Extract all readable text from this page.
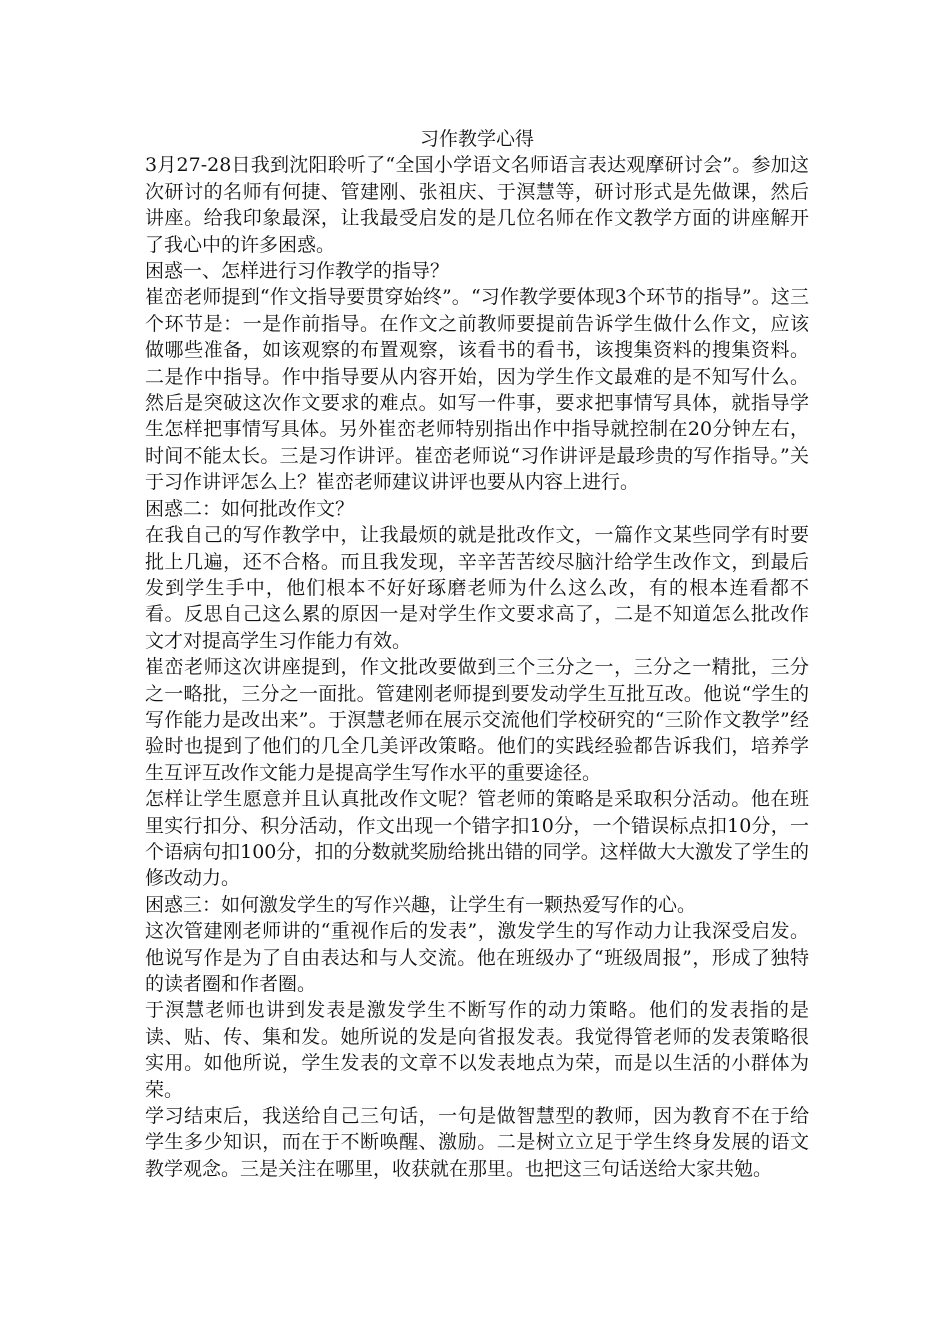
习作教学心得

3月27-28日我到沈阳聆听了“全国小学语文名师语言表达观摩研讨会”。参加这次研讨的名师有何捷、管建刚、张祖庆、于溟慧等，研讨形式是先做课，然后讲座。给我印象最深，让我最受启发的是几位名师在作文教学方面的讲座解开了我心中的许多困惑。

困惑一、怎样进行习作教学的指导？

崔峦老师提到“作文指导要贯穿始终”。“习作教学要体现3个环节的指导”。这三个环节是：一是作前指导。在作文之前教师要提前告诉学生做什么作文，应该做哪些准备，如该观察的布置观察，该看书的看书，该搜集资料的搜集资料。二是作中指导。作中指导要从内容开始，因为学生作文最难的是不知写什么。然后是突破这次作文要求的难点。如写一件事，要求把事情写具体，就指导学生怎样把事情写具体。另外崔峦老师特别指出作中指导就控制在20分钟左右，时间不能太长。三是习作讲评。崔峦老师说“习作讲评是最珍贵的写作指导。”关于习作讲评怎么上？崔峦老师建议讲评也要从内容上进行。

困惑二：如何批改作文？

在我自己的写作教学中，让我最烦的就是批改作文，一篇作文某些同学有时要批上几遍，还不合格。而且我发现，辛辛苦苦绞尽脑汁给学生改作文，到最后发到学生手中，他们根本不好好琢磨老师为什么这么改，有的根本连看都不看。反思自己这么累的原因一是对学生作文要求高了，二是不知道怎么批改作文才对提高学生习作能力有效。

崔峦老师这次讲座提到，作文批改要做到三个三分之一，三分之一精批，三分之一略批，三分之一面批。管建刚老师提到要发动学生互批互改。他说“学生的写作能力是改出来”。于溟慧老师在展示交流他们学校研究的“三阶作文教学”经验时也提到了他们的几全几美评改策略。他们的实践经验都告诉我们，培养学生互评互改作文能力是提高学生写作水平的重要途径。

怎样让学生愿意并且认真批改作文呢？管老师的策略是采取积分活动。他在班里实行扣分、积分活动，作文出现一个错字扣10分，一个错误标点扣10分，一个语病句扣100分，扣的分数就奖励给挑出错的同学。这样做大大激发了学生的修改动力。

困惑三：如何激发学生的写作兴趣，让学生有一颗热爱写作的心。

这次管建刚老师讲的“重视作后的发表”，激发学生的写作动力让我深受启发。他说写作是为了自由表达和与人交流。他在班级办了“班级周报”，形成了独特的读者圈和作者圈。

于溟慧老师也讲到发表是激发学生不断写作的动力策略。他们的发表指的是读、贴、传、集和发。她所说的发是向省报发表。我觉得管老师的发表策略很实用。如他所说，学生发表的文章不以发表地点为荣，而是以生活的小群体为荣。

学习结束后，我送给自己三句话，一句是做智慧型的教师，因为教育不在于给学生多少知识，而在于不断唤醒、激励。二是树立立足于学生终身发展的语文教学观念。三是关注在哪里，收获就在那里。也把这三句话送给大家共勉。
